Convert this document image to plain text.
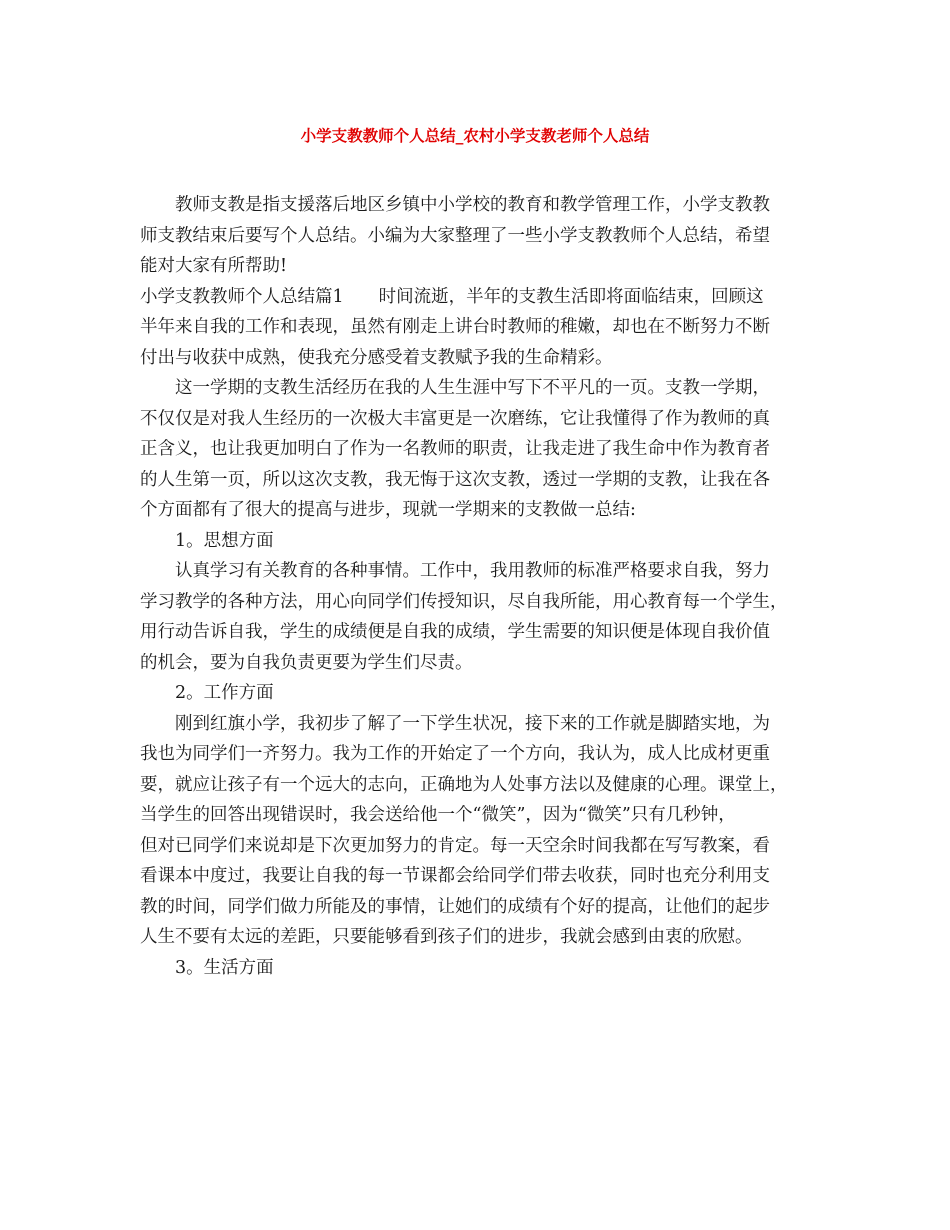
小学支教教师个人总结_农村小学支教老师个人总结
教师支教是指支援落后地区乡镇中小学校的教育和教学管理工作，小学支教教
师支教结束后要写个人总结。小编为大家整理了一些小学支教教师个人总结，希望
能对大家有所帮助!
小学支教教师个人总结篇1　　时间流逝，半年的支教生活即将面临结束，回顾这
半年来自我的工作和表现，虽然有刚走上讲台时教师的稚嫩，却也在不断努力不断
付出与收获中成熟，使我充分感受着支教赋予我的生命精彩。
这一学期的支教生活经历在我的人生生涯中写下不平凡的一页。支教一学期，
不仅仅是对我人生经历的一次极大丰富更是一次磨练，它让我懂得了作为教师的真
正含义，也让我更加明白了作为一名教师的职责，让我走进了我生命中作为教育者
的人生第一页，所以这次支教，我无悔于这次支教，透过一学期的支教，让我在各
个方面都有了很大的提高与进步，现就一学期来的支教做一总结:
1。思想方面
认真学习有关教育的各种事情。工作中，我用教师的标准严格要求自我，努力
学习教学的各种方法，用心向同学们传授知识，尽自我所能，用心教育每一个学生，
用行动告诉自我，学生的成绩便是自我的成绩，学生需要的知识便是体现自我价值
的机会，要为自我负责更要为学生们尽责。
2。工作方面
刚到红旗小学，我初步了解了一下学生状况，接下来的工作就是脚踏实地，为
我也为同学们一齐努力。我为工作的开始定了一个方向，我认为，成人比成材更重
要，就应让孩子有一个远大的志向，正确地为人处事方法以及健康的心理。课堂上，
当学生的回答出现错误时，我会送给他一个“微笑”，因为“微笑”只有几秒钟，
但对已同学们来说却是下次更加努力的肯定。每一天空余时间我都在写写教案，看
看课本中度过，我要让自我的每一节课都会给同学们带去收获，同时也充分利用支
教的时间，同学们做力所能及的事情，让她们的成绩有个好的提高，让他们的起步
人生不要有太远的差距，只要能够看到孩子们的进步，我就会感到由衷的欣慰。
3。生活方面
